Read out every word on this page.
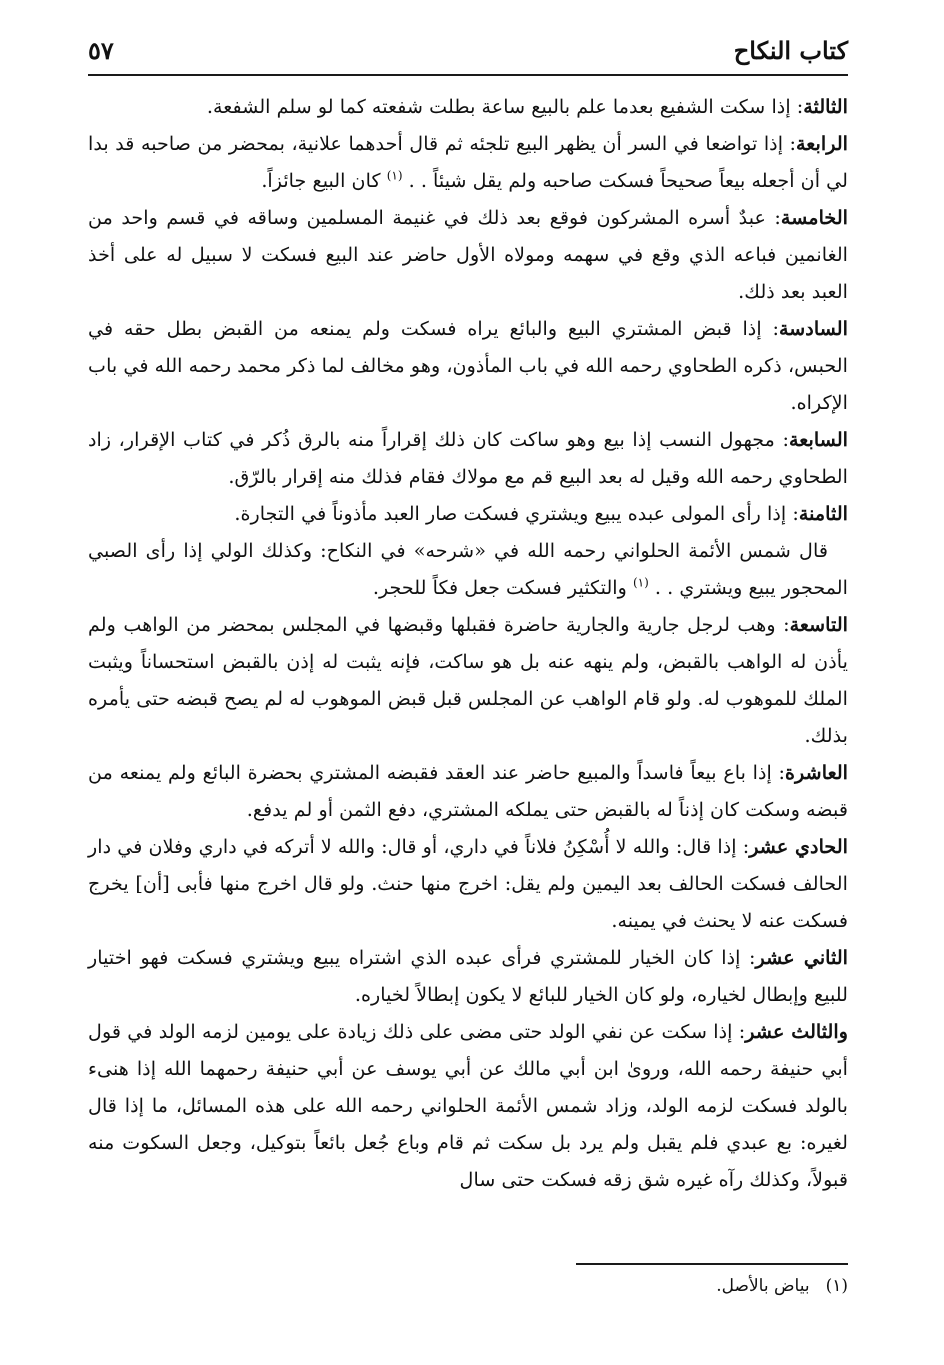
كتاب النكاح
٥٧

الثالثة: إذا سكت الشفيع بعدما علم بالبيع ساعة بطلت شفعته كما لو سلم الشفعة.

الرابعة: إذا تواضعا في السر أن يظهر البيع تلجئه ثم قال أحدهما علانية، بمحضر من صاحبه قد بدا لي أن أجعله بيعاً صحيحاً فسكت صاحبه ولم يقل شيئاً . . $^{(١)}$ كان البيع جائزاً.

الخامسة: عبدٌ أسره المشركون فوقع بعد ذلك في غنيمة المسلمين وساقه في قسم واحد من الغانمين فباعه الذي وقع في سهمه ومولاه الأول حاضر عند البيع فسكت لا سبيل له على أخذ العبد بعد ذلك.

السادسة: إذا قبض المشتري البيع والبائع يراه فسكت ولم يمنعه من القبض بطل حقه في الحبس، ذكره الطحاوي رحمه الله في باب المأذون، وهو مخالف لما ذكر محمد رحمه الله في باب الإكراه.

السابعة: مجهول النسب إذا بيع وهو ساكت كان ذلك إقراراً منه بالرق ذُكر في كتاب الإقرار، زاد الطحاوي رحمه الله وقيل له بعد البيع قم مع مولاك فقام فذلك منه إقرار بالرّق.

الثامنة: إذا رأى المولى عبده يبيع ويشتري فسكت صار العبد مأذوناً في التجارة.

قال شمس الأئمة الحلواني رحمه الله في «شرحه» في النكاح: وكذلك الولي إذا رأى الصبي المحجور يبيع ويشتري . . $^{(١)}$ والتكثير فسكت جعل فكاً للحجر.

التاسعة: وهب لرجل جارية والجارية حاضرة فقبلها وقبضها في المجلس بمحضر من الواهب ولم يأذن له الواهب بالقبض، ولم ينهه عنه بل هو ساكت، فإنه يثبت له إذن بالقبض استحساناً ويثبت الملك للموهوب له. ولو قام الواهب عن المجلس قبل قبض الموهوب له لم يصح قبضه حتى يأمره بذلك.

العاشرة: إذا باع بيعاً فاسداً والمبيع حاضر عند العقد فقبضه المشتري بحضرة البائع ولم يمنعه من قبضه وسكت كان إذناً له بالقبض حتى يملكه المشتري، دفع الثمن أو لم يدفع.

الحادي عشر: إذا قال: والله لا أُسْكِنُ فلاناً في داري، أو قال: والله لا أتركه في داري وفلان في دار الحالف فسكت الحالف بعد اليمين ولم يقل: اخرج منها حنث. ولو قال اخرج منها فأبى [أن] يخرج فسكت عنه لا يحنث في يمينه.

الثاني عشر: إذا كان الخيار للمشتري فرأى عبده الذي اشتراه يبيع ويشتري فسكت فهو اختيار للبيع وإبطال لخياره، ولو كان الخيار للبائع لا يكون إبطالاً لخياره.

والثالث عشر: إذا سكت عن نفي الولد حتى مضى على ذلك زيادة على يومين لزمه الولد في قول أبي حنيفة رحمه الله، وروىٰ ابن أبي مالك عن أبي يوسف عن أبي حنيفة رحمهما الله إذا هنىء بالولد فسكت لزمه الولد، وزاد شمس الأئمة الحلواني رحمه الله على هذه المسائل، ما إذا قال لغيره: بع عبدي فلم يقبل ولم يرد بل سكت ثم قام وباع جُعل بائعاً بتوكيل، وجعل السكوت منه قبولاً، وكذلك رآه غيره شق زقه فسكت حتى سال

(١)بياض بالأصل.
